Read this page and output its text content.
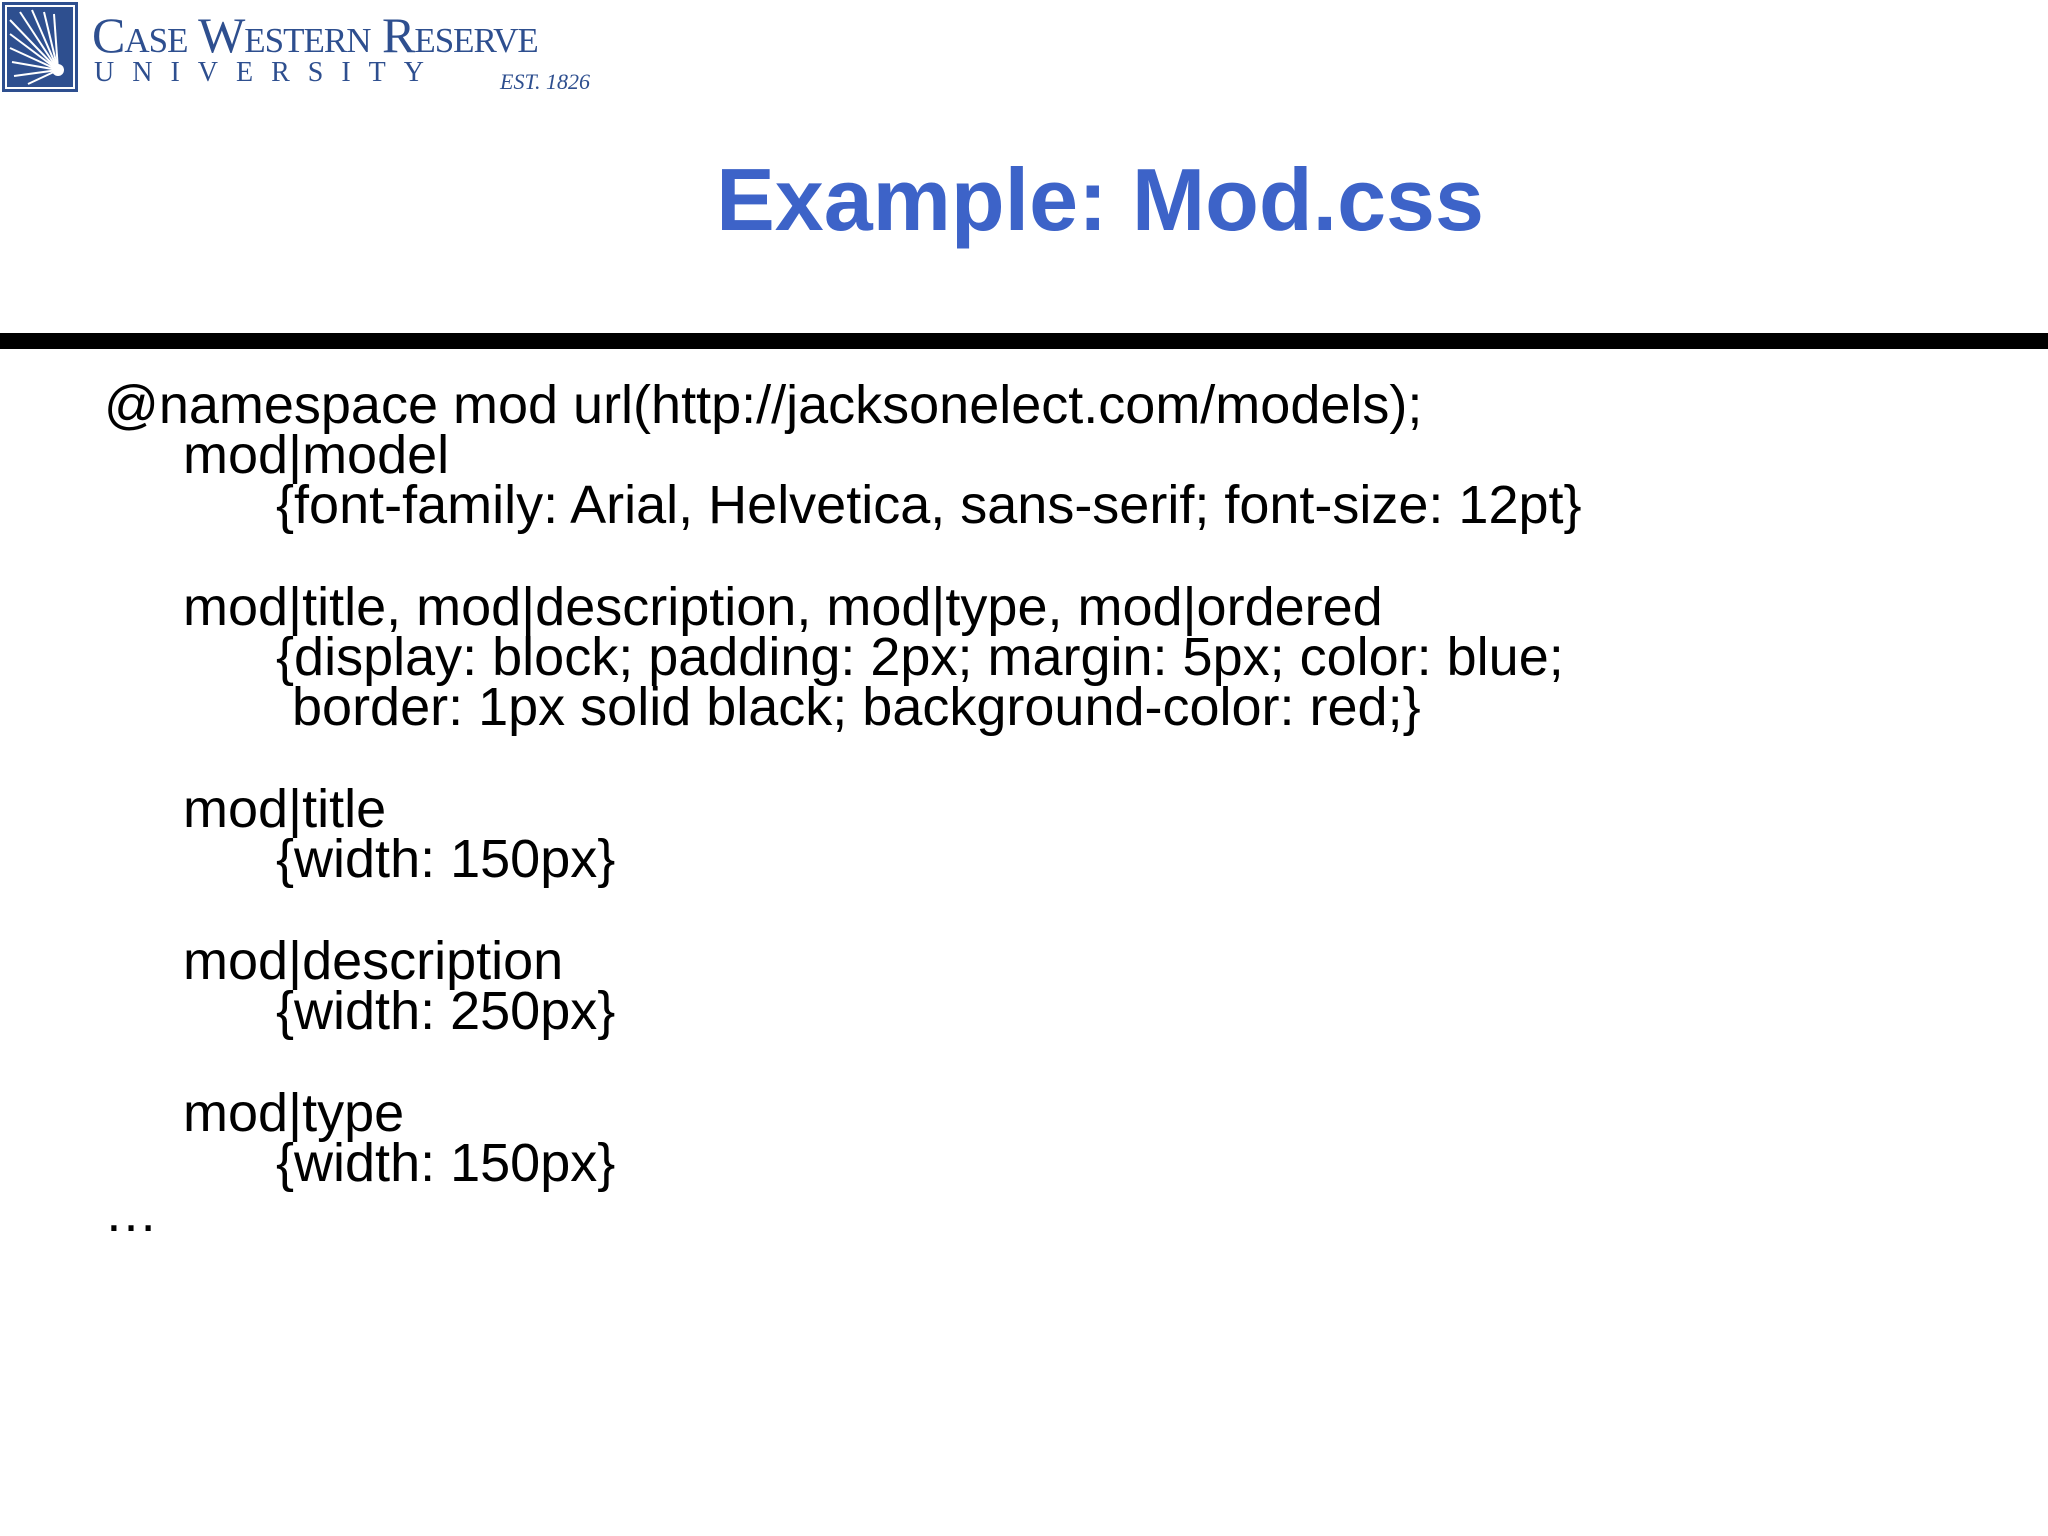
Case Western Reserve
UNIVERSITY	EST. 1826
Example: Mod.css
@namespace mod url(http://jacksonelect.com/models);
mod|model
{font-family: Arial, Helvetica, sans-serif; font-size: 12pt}
mod|title, mod|description, mod|type, mod|ordered
{display: block; padding: 2px; margin: 5px; color: blue;
border: 1px solid black; background-color: red;}
mod|title
{width: 150px}
mod|description
{width: 250px}
mod|type
{width: 150px}
…
